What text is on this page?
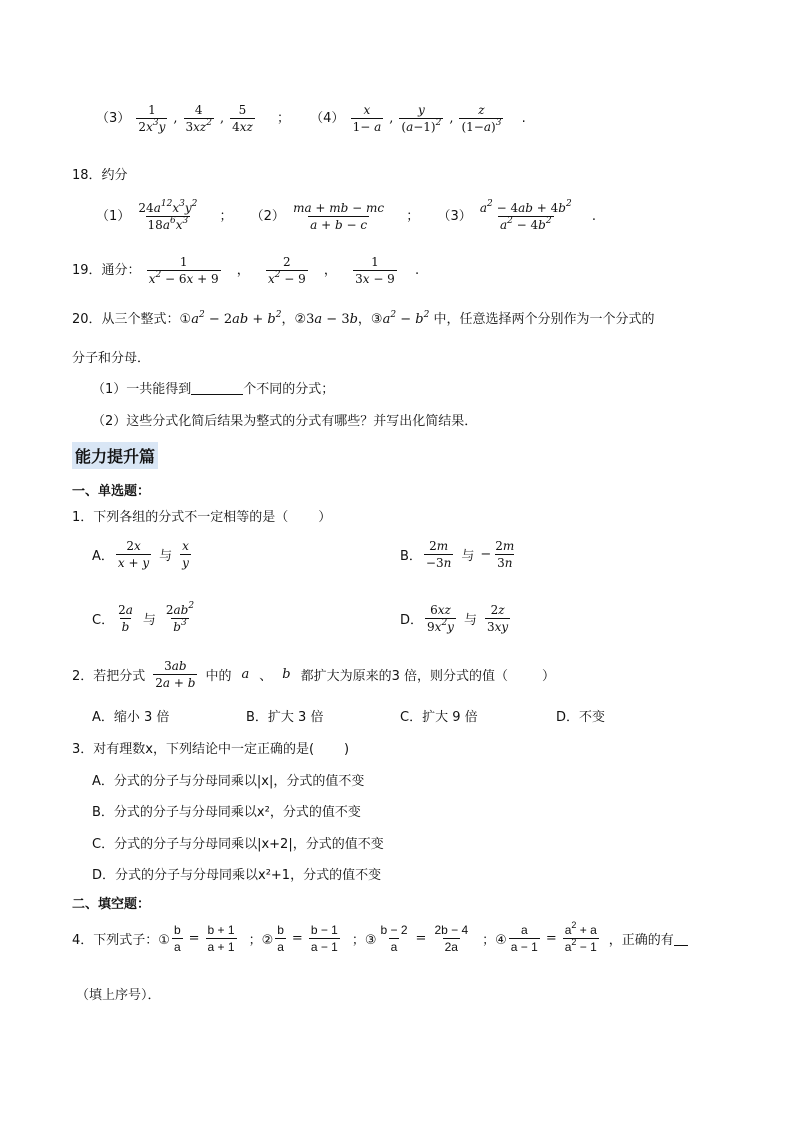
$(3) \frac{1}{2x^3y}$ , $\frac{4}{3xz^2}$ , $\frac{5}{4xz}$ ； $(4) \frac{x}{1- a}$ , $\frac{y}{(a-1)^2}$ , $\frac{z}{(1-a)^3}$ .
18．约分
$(1) \frac{24a^{12}x^3y^2}{18a^6x^3}$ ； $(2) \frac{ma + mb - mc}{a + b - c}$ ； $(3) \frac{a^2 - 4ab + 4b^2}{a^2 - 4b^2}$ .
19．通分： $\frac{1}{x^2 - 6x + 9}$ ， $\frac{2}{x^2 - 9}$ ， $\frac{1}{3x - 9}$ .
20．从三个整式：$①a^2 - 2ab + b^2$，②3a − 3b，$③a^2 - b^2$ 中，任意选择两个分别作为一个分式的
分子和分母．
（1）一共能得到	个不同的分式；
（2）这些分式化简后结果为整式的分式有哪些？并写出化简结果．
能力提升篇
一、单选题：
1．下列各组的分式不一定相等的是（ ）
A． $\frac{2x}{x + y}$ 与 $\frac{x}{y}$	B． $\frac{2m}{-3n}$ 与 − $\frac{2m}{3n}$
C． $\frac{2a}{b}$ 与 $\frac{2ab^2}{b^3}$	D． $\frac{6xz}{9x^2y}$ 与 $\frac{2z}{3xy}$
2．若把分式 $\frac{3ab}{2a + b}$ 中的 a 、 b 都扩大为原来的3 倍，则分式的值（	）
A．缩小 3 倍	B．扩大 3 倍	C．扩大 9 倍	D．不变
3．对有理数x，下列结论中一定正确的是( )
A．分式的分子与分母同乘以|x|，分式的值不变
B．分式的分子与分母同乘以x²，分式的值不变
C．分式的分子与分母同乘以|x+2|，分式的值不变
D．分式的分子与分母同乘以x²+1，分式的值不变
二、填空题：
4．下列式子：① $\frac{b}{a} = \frac{b + 1}{a + 1}$ ；② $\frac{b}{a} = \frac{b - 1}{a - 1}$ ；③ $\frac{b - 2}{a} = \frac{2b - 4}{2a}$ ；④ $\frac{a}{a - 1} = \frac{a^2 + a}{a^2 - 1}$ ，正确的有
（填上序号）．
